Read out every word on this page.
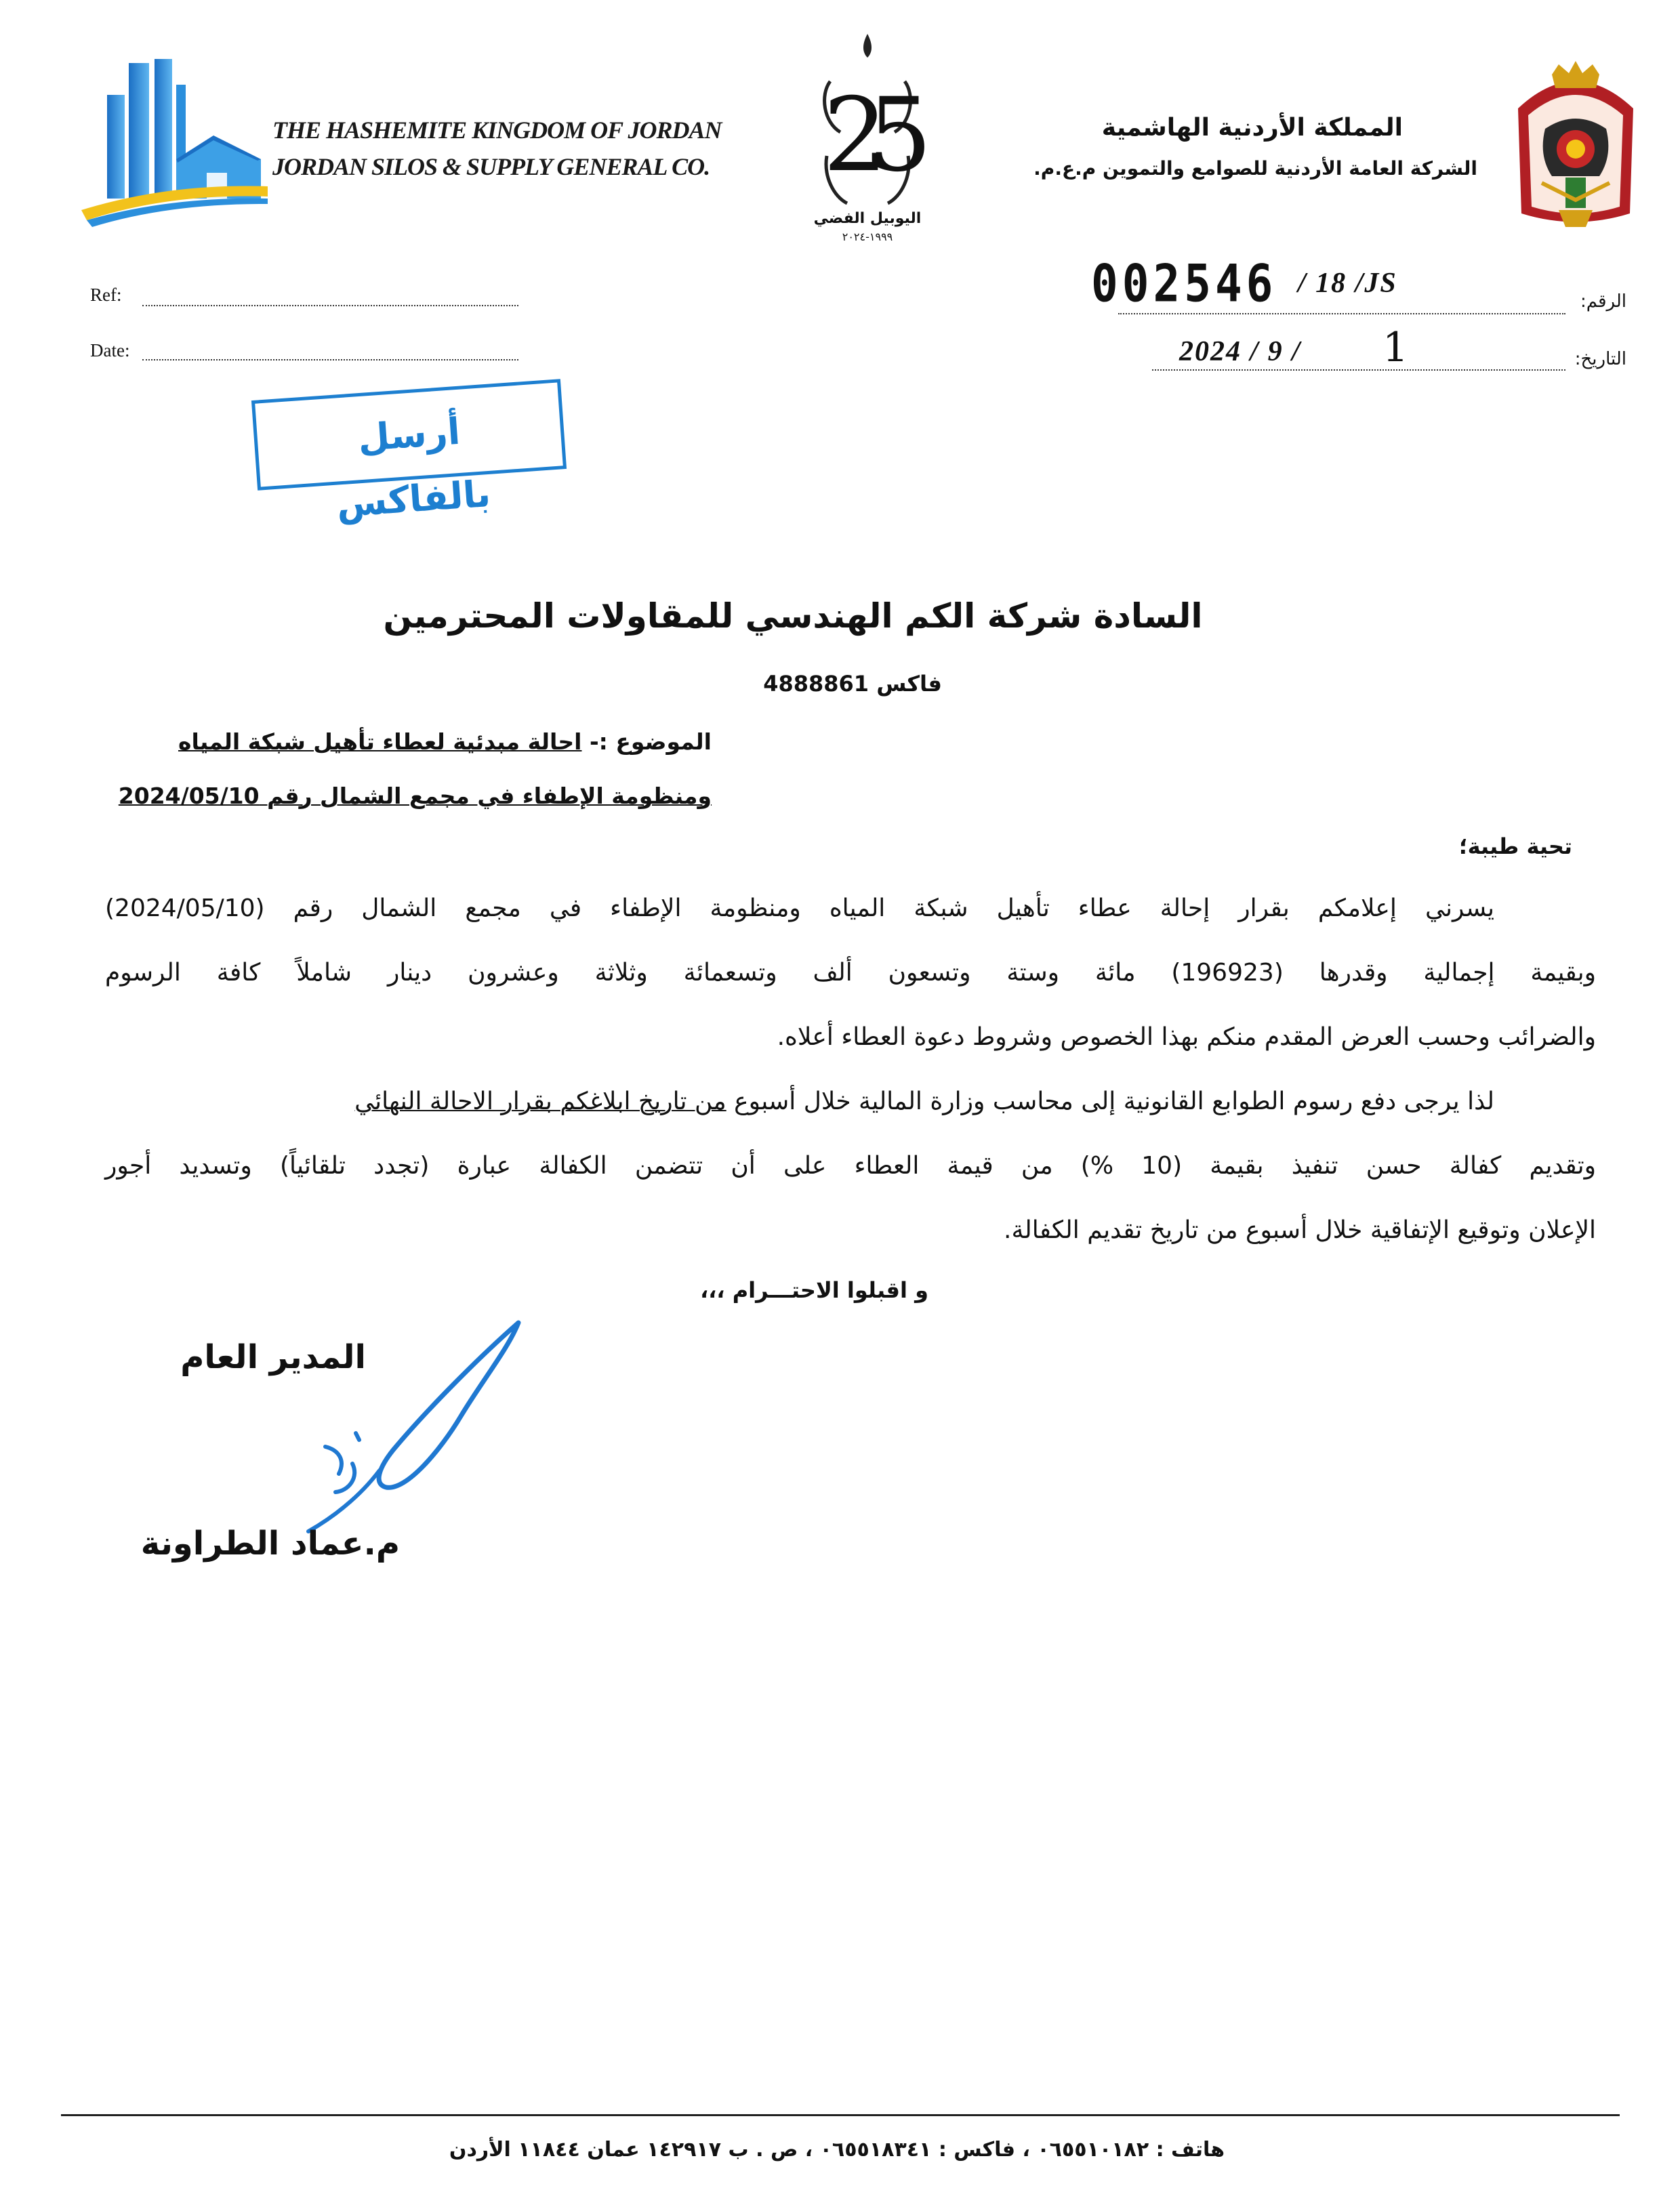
THE HASHEMITE KINGDOM OF JORDAN
JORDAN SILOS & SUPPLY GENERAL CO. 25
اليوبيل الفضي
١٩٩٩-٢٠٢٤
المملكة الأردنية الهاشمية
الشركة العامة الأردنية للصوامع والتموين م.ع.م.
Ref:
Date:
002546 / 18 /JS
الرقم:
2024 / 9 / 1	التاريخ:
أرسل بالفاكس
السادة شركة الكم الهندسي للمقاولات المحترمين
فاكس 4888861
الموضوع :- احالة مبدئية لعطاء تأهيل شبكة المياه
ومنظومة الإطفاء في مجمع الشمال رقم 2024/05/10
تحية طيبة؛
يسرني إعلامكم بقرار إحالة عطاء تأهيل شبكة المياه ومنظومة الإطفاء في مجمع الشمال رقم (2024/05/10)
وبقيمة إجمالية وقدرها (196923) مائة وستة وتسعون ألف وتسعمائة وثلاثة وعشرون دينار شاملاً كافة الرسوم
والضرائب وحسب العرض المقدم منكم بهذا الخصوص وشروط دعوة العطاء أعلاه.
لذا يرجى دفع رسوم الطوابع القانونية إلى محاسب وزارة المالية خلال أسبوع من تاريخ ابلاغكم بقرار الاحالة النهائي
وتقديم كفالة حسن تنفيذ بقيمة (10 %) من قيمة العطاء على أن تتضمن الكفالة عبارة (تجدد تلقائياً) وتسديد أجور
الإعلان وتوقيع الإتفاقية خلال أسبوع من تاريخ تقديم الكفالة.
و اقبلوا الاحتـــرام ،،،
المدير العام
م.عماد الطراونة
هاتف : ٠٦٥٥١٠١٨٢ ، فاكس : ٠٦٥٥١٨٣٤١ ، ص . ب ١٤٢٩١٧ عمان ١١٨٤٤ الأردن
